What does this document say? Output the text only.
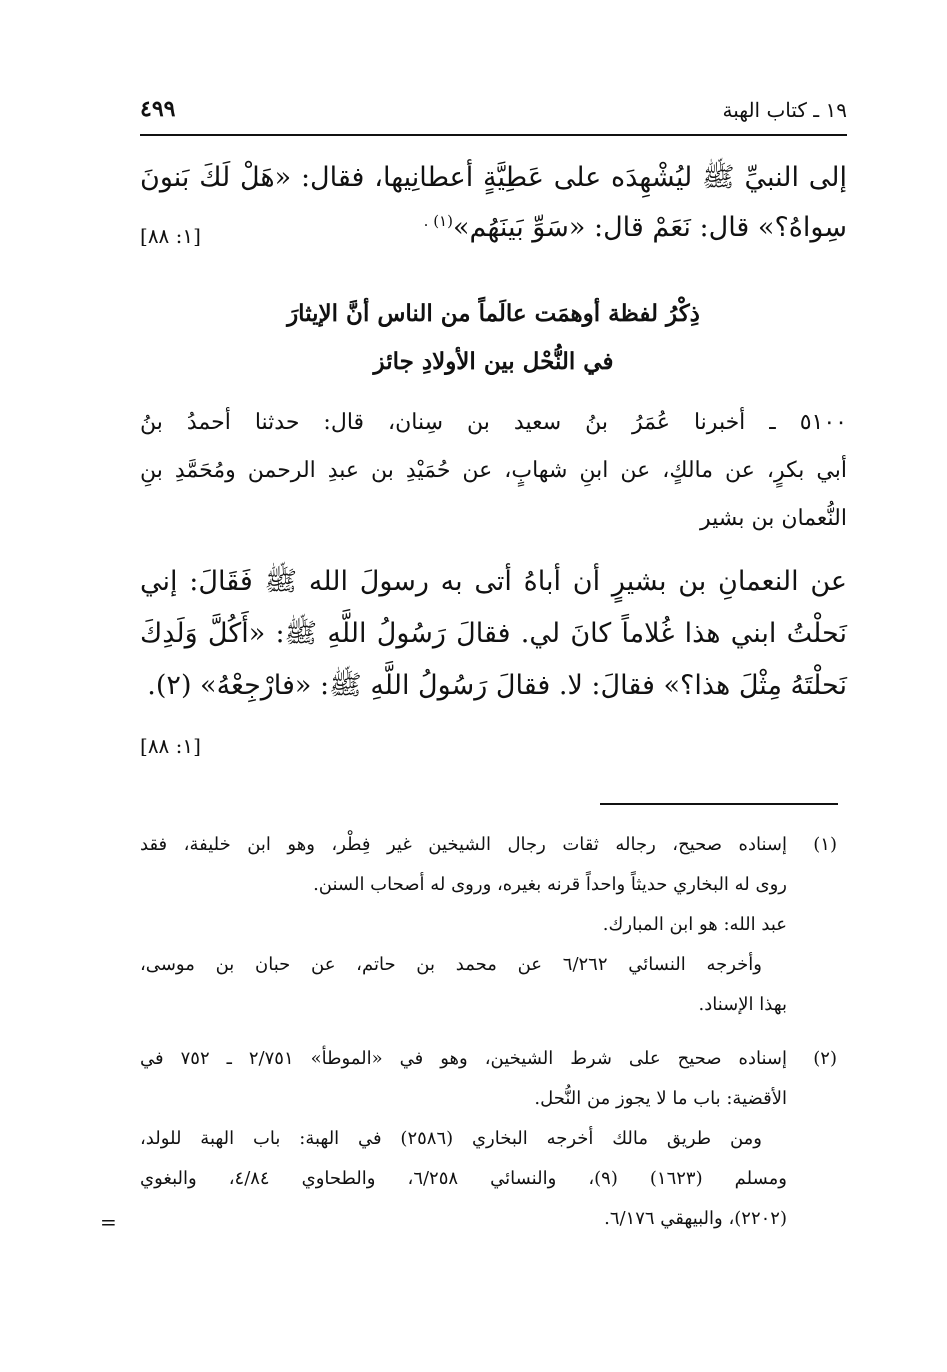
١٩ ـ كتاب الهبة
٤٩٩
إلى النبيِّ ﷺ ليُشْهِدَه على عَطِيَّةٍ أعطانِيها، فقال: «هَلْ لَكَ بَنونَ
سِواهُ؟» قال: نَعَمْ قال: «سَوِّ بَينَهُم»$^{(١) .}$
[١: ٨٨]
ذِكْرُ لفظة أوهمَت عالَماً من الناس أنَّ الإيثارَ
في النُّحْل بين الأولادِ جائز
٥١٠٠ ـ أخبرنا عُمَرُ بنُ سعيد بن سِنان، قال: حدثنا أحمدُ بنُ
أبي بكرٍ، عن مالكٍ، عن ابنِ شهابٍ، عن حُمَيْدِ بن عبدِ الرحمن ومُحَمَّدِ بنِ
النُّعمان بن بشير
عن النعمانِ بن بشيرٍ أن أباهُ أتى به رسولَ الله ﷺ فَقَالَ: إني
نَحلْتُ ابني هذا غُلاماً كانَ لي. فقالَ رَسُولُ اللَّهِ ﷺ: «أَكُلَّ وَلَدِكَ
نَحلْتَهُ مِثْلَ هذا؟» فقالَ: لا. فقالَ رَسُولُ اللَّهِ ﷺ: «فارْجِعْهُ» (٢).
[١: ٨٨]
(١)
إسناده صحيح، رجاله ثقات رجال الشيخين غير فِطْر، وهو ابن خليفة، فقد
روى له البخاري حديثاً واحداً قرنه بغيره، وروى له أصحاب السنن.
عبد الله: هو ابن المبارك.
وأخرجه النسائي ٦/٢٦٢ عن محمد بن حاتم، عن حبان بن موسى،
بهذا الإسناد.
(٢)
إسناده صحيح على شرط الشيخين، وهو في «الموطأ» ٢/٧٥١ ـ ٧٥٢ في
الأقضية: باب ما لا يجوز من النُّحل.
ومن طريق مالك أخرجه البخاري (٢٥٨٦) في الهبة: باب الهبة للولد،
ومسلم (١٦٢٣) (٩)، والنسائي ٦/٢٥٨، والطحاوي ٤/٨٤، والبغوي
(٢٢٠٢)، والبيهقي ٦/١٧٦.
=
